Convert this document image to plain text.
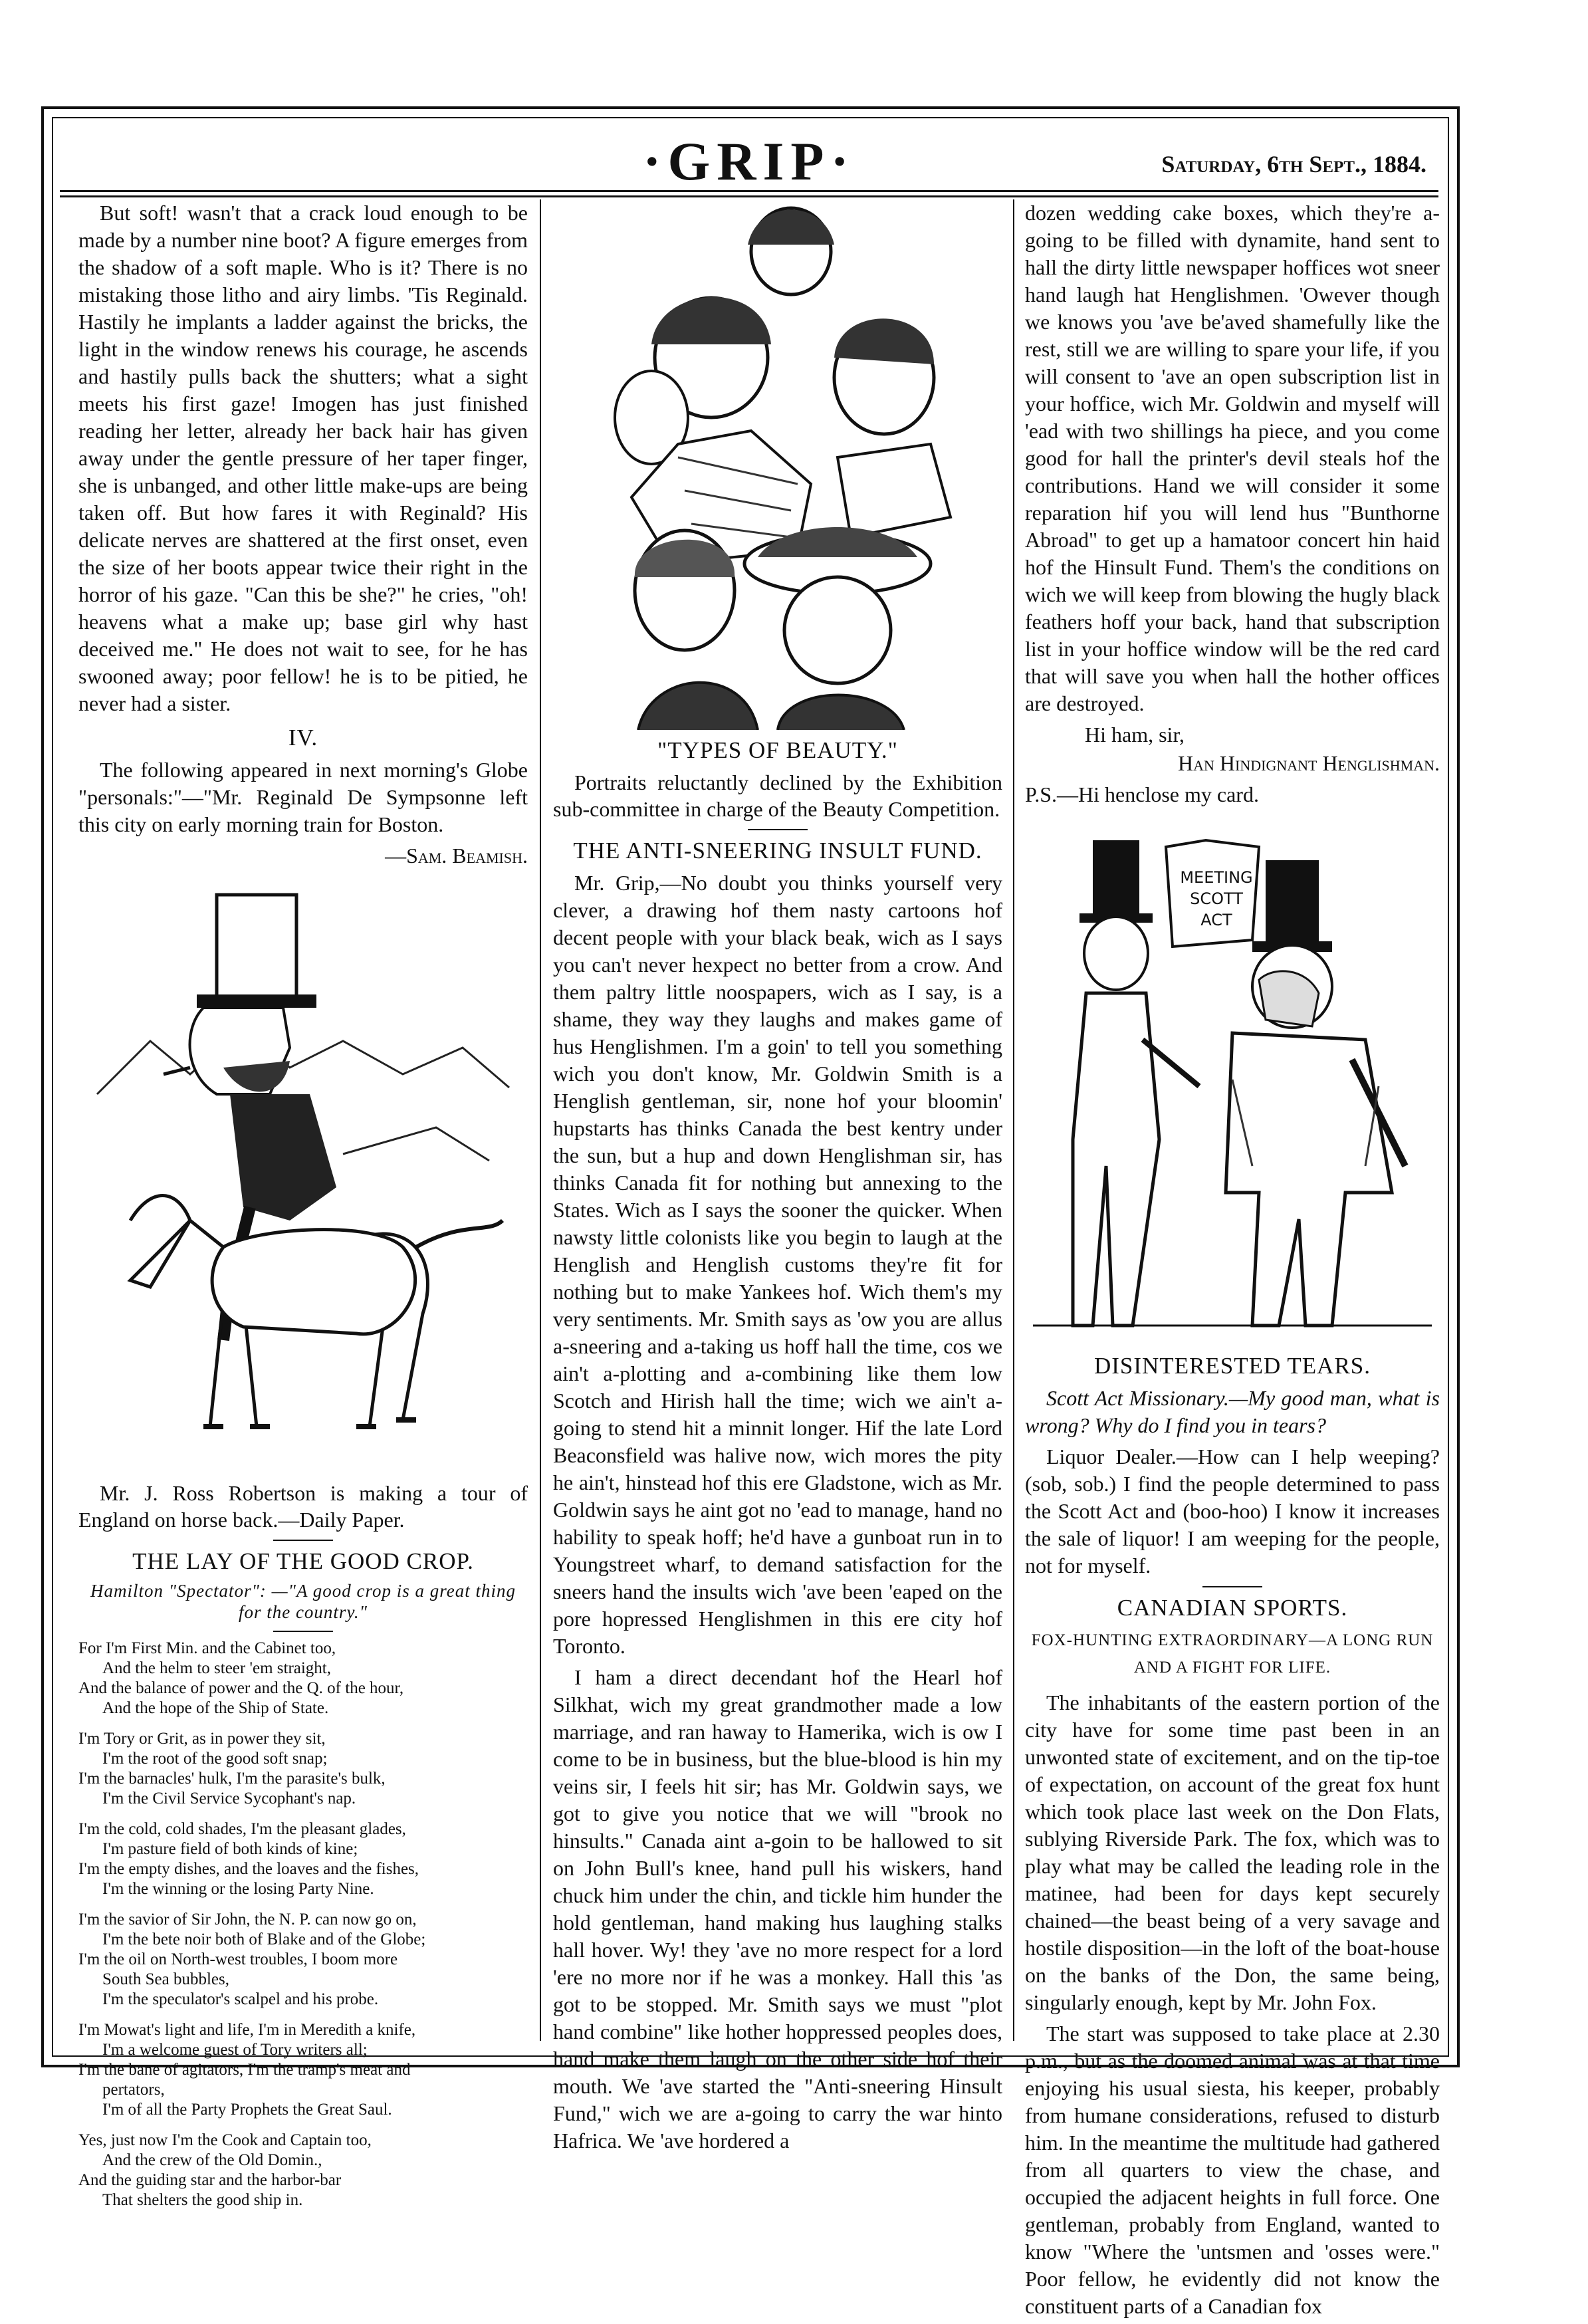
·GRIP·	Saturday, 6th Sept., 1884.

But soft! wasn't that a crack loud enough to be made by a number nine boot? A figure emerges from the shadow of a soft maple. Who is it? There is no mistaking those litho and airy limbs. 'Tis Reginald. Hastily he implants a ladder against the bricks, the light in the window renews his courage, he ascends and hastily pulls back the shutters; what a sight meets his first gaze! Imogen has just finished reading her letter, already her back hair has given away under the gentle pressure of her taper finger, she is unbanged, and other little make-ups are being taken off. But how fares it with Reginald? His delicate nerves are shattered at the first onset, even the size of her boots appear twice their right in the horror of his gaze. "Can this be she?" he cries, "oh! heavens what a make up; base girl why hast deceived me." He does not wait to see, for he has swooned away; poor fellow! he is to be pitied, he never had a sister.

IV.

The following appeared in next morning's Globe "personals:"—"Mr. Reginald De Sympsonne left this city on early morning train for Boston.

—Sam. Beamish.

Mr. J. Ross Robertson is making a tour of England on horse back.—Daily Paper.

THE LAY OF THE GOOD CROP.
Hamilton "Spectator": —"A good crop is a great thing for the country."
For I'm First Min. and the Cabinet too,
And the helm to steer 'em straight,
And the balance of power and the Q. of the hour,
And the hope of the Ship of State.
I'm Tory or Grit, as in power they sit,
I'm the root of the good soft snap;
I'm the barnacles' hulk, I'm the parasite's bulk,
I'm the Civil Service Sycophant's nap.
I'm the cold, cold shades, I'm the pleasant glades,
I'm pasture field of both kinds of kine;
I'm the empty dishes, and the loaves and the fishes,
I'm the winning or the losing Party Nine.
I'm the savior of Sir John, the N. P. can now go on,
I'm the bete noir both of Blake and of the Globe;
I'm the oil on North-west troubles, I boom more
South Sea bubbles,
I'm the speculator's scalpel and his probe.
I'm Mowat's light and life, I'm in Meredith a knife,
I'm a welcome guest of Tory writers all;
I'm the bane of agitators, I'm the tramp's meat and
pertators,
I'm of all the Party Prophets the Great Saul.
Yes, just now I'm the Cook and Captain too,
And the crew of the Old Domin.,
And the guiding star and the harbor-bar
That shelters the good ship in.
"TYPES OF BEAUTY."

Portraits reluctantly declined by the Exhibition sub-committee in charge of the Beauty Competition.

THE ANTI-SNEERING INSULT FUND.

Mr. Grip,—No doubt you thinks yourself very clever, a drawing hof them nasty cartoons hof decent people with your black beak, wich as I says you can't never hexpect no better from a crow. And them paltry little noospapers, wich as I say, is a shame, they way they laughs and makes game of hus Henglishmen. I'm a goin' to tell you something wich you don't know, Mr. Goldwin Smith is a Henglish gentleman, sir, none hof your bloomin' hupstarts has thinks Canada the best kentry under the sun, but a hup and down Henglishman sir, has thinks Canada fit for nothing but annexing to the States. Wich as I says the sooner the quicker. When nawsty little colonists like you begin to laugh at the Henglish and Henglish customs they're fit for nothing but to make Yankees hof. Wich them's my very sentiments. Mr. Smith says as 'ow you are allus a-sneering and a-taking us hoff hall the time, cos we ain't a-plotting and a-combining like them low Scotch and Hirish hall the time; wich we ain't a-going to stend hit a minnit longer. Hif the late Lord Beaconsfield was halive now, wich mores the pity he ain't, hinstead hof this ere Gladstone, wich as Mr. Goldwin says he aint got no 'ead to manage, hand no hability to speak hoff; he'd have a gunboat run in to Youngstreet wharf, to demand satisfaction for the sneers hand the insults wich 'ave been 'eaped on the pore hopressed Henglishmen in this ere city hof Toronto.

I ham a direct decendant hof the Hearl hof Silkhat, wich my great grandmother made a low marriage, and ran haway to Hamerika, wich is ow I come to be in business, but the blue-blood is hin my veins sir, I feels hit sir; has Mr. Goldwin says, we got to give you notice that we will "brook no hinsults." Canada aint a-goin to be hallowed to sit on John Bull's knee, hand pull his wiskers, hand chuck him under the chin, and tickle him hunder the hold gentleman, hand making hus laughing stalks hall hover. Wy! they 'ave no more respect for a lord 'ere no more nor if he was a monkey. Hall this 'as got to be stopped. Mr. Smith says we must "plot hand combine" like hother hoppressed peoples does, hand make them laugh on the other side hof their mouth. We 'ave started the "Anti-sneering Hinsult Fund," wich we are a-going to carry the war hinto Hafrica. We 'ave hordered a

dozen wedding cake boxes, which they're a-going to be filled with dynamite, hand sent to hall the dirty little newspaper hoffices wot sneer hand laugh hat Henglishmen. 'Owever though we knows you 'ave be'aved shamefully like the rest, still we are willing to spare your life, if you will consent to 'ave an open subscription list in your hoffice, wich Mr. Goldwin and myself will 'ead with two shillings ha piece, and you come good for hall the printer's devil steals hof the contributions. Hand we will consider it some reparation hif you will lend hus "Bunthorne Abroad" to get up a hamatoor concert hin haid hof the Hinsult Fund. Them's the conditions on wich we will keep from blowing the hugly black feathers hoff your back, hand that subscription list in your hoffice window will be the red card that will save you when hall the hother offices are destroyed.

Hi ham, sir,
Han Hindignant Henglishman.
P.S.—Hi henclose my card.
MEETING
SCOTT
ACT
DISINTERESTED TEARS.

Scott Act Missionary.—My good man, what is wrong? Why do I find you in tears?

Liquor Dealer.—How can I help weeping? (sob, sob.) I find the people determined to pass the Scott Act and (boo-hoo) I know it increases the sale of liquor! I am weeping for the people, not for myself.

CANADIAN SPORTS.
FOX-HUNTING EXTRAORDINARY—A LONG RUN AND A FIGHT FOR LIFE.

The inhabitants of the eastern portion of the city have for some time past been in an unwonted state of excitement, and on the tip-toe of expectation, on account of the great fox hunt which took place last week on the Don Flats, sublying Riverside Park. The fox, which was to play what may be called the leading role in the matinee, had been for days kept securely chained—the beast being of a very savage and hostile disposition—in the loft of the boat-house on the banks of the Don, the same being, singularly enough, kept by Mr. John Fox.

The start was supposed to take place at 2.30 p.m., but as the doomed animal was at that time enjoying his usual siesta, his keeper, probably from humane considerations, refused to disturb him. In the meantime the multitude had gathered from all quarters to view the chase, and occupied the adjacent heights in full force. One gentleman, probably from England, wanted to know "Where the 'untsmen and 'osses were." Poor fellow, he evidently did not know the constituent parts of a Canadian fox
